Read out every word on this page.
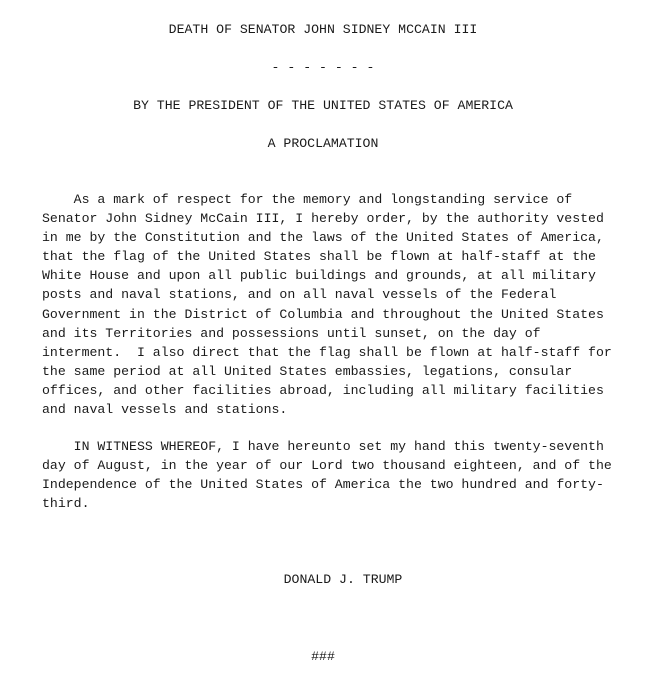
DEATH OF SENATOR JOHN SIDNEY MCCAIN III
- - - - - - -
BY THE PRESIDENT OF THE UNITED STATES OF AMERICA
A PROCLAMATION
As a mark of respect for the memory and longstanding service of
Senator John Sidney McCain III, I hereby order, by the authority vested
in me by the Constitution and the laws of the United States of America,
that the flag of the United States shall be flown at half-staff at the
White House and upon all public buildings and grounds, at all military
posts and naval stations, and on all naval vessels of the Federal
Government in the District of Columbia and throughout the United States
and its Territories and possessions until sunset, on the day of
interment.  I also direct that the flag shall be flown at half-staff for
the same period at all United States embassies, legations, consular
offices, and other facilities abroad, including all military facilities
and naval vessels and stations.
IN WITNESS WHEREOF, I have hereunto set my hand this twenty-seventh
day of August, in the year of our Lord two thousand eighteen, and of the
Independence of the United States of America the two hundred and forty-
third.
DONALD J. TRUMP
###
